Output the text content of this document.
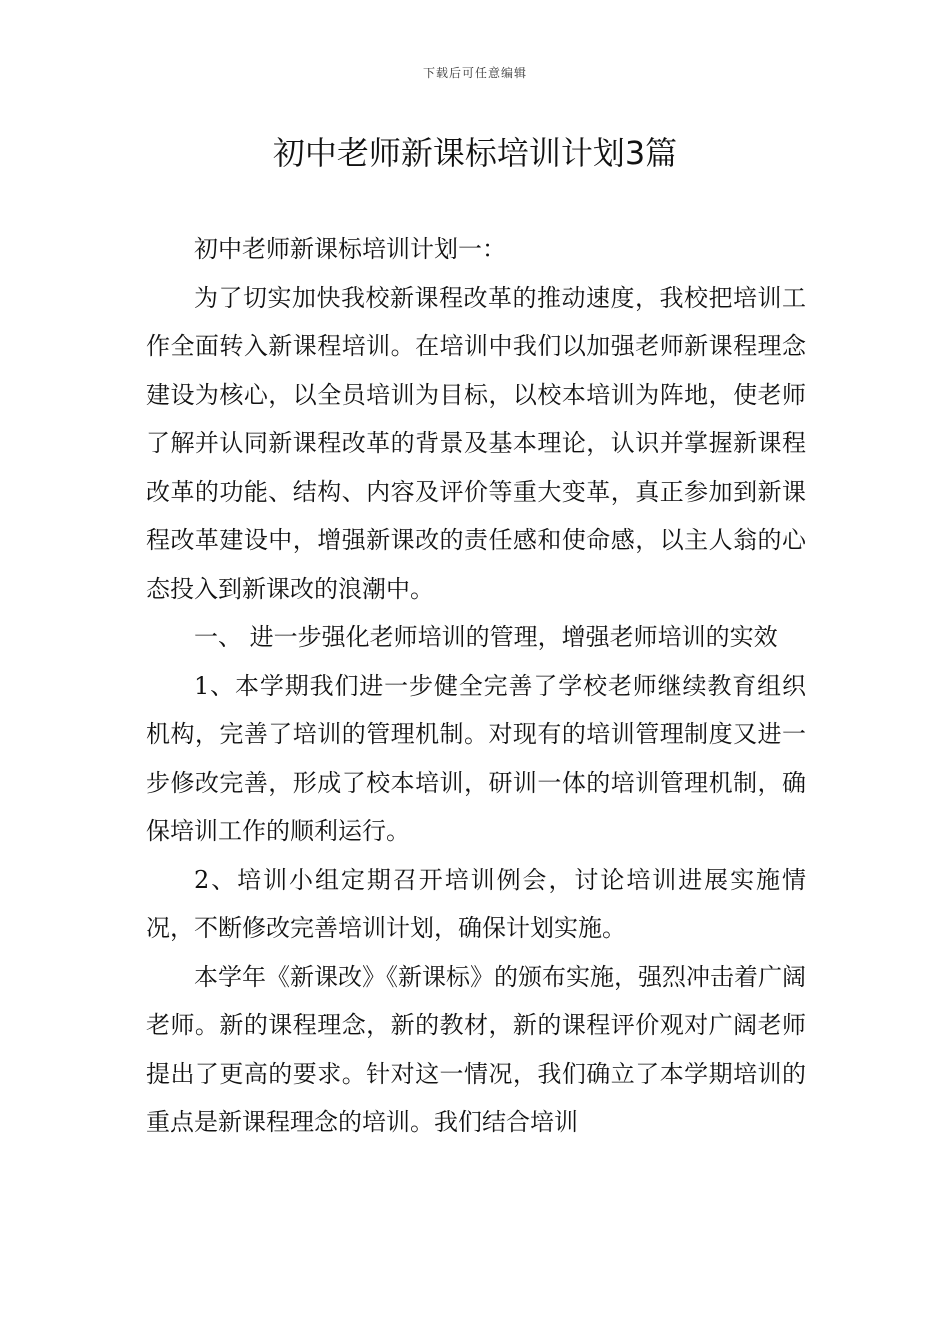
下载后可任意编辑
初中老师新课标培训计划3篇

初中老师新课标培训计划一：

为了切实加快我校新课程改革的推动速度，我校把培训工作全面转入新课程培训。在培训中我们以加强老师新课程理念建设为核心，以全员培训为目标，以校本培训为阵地，使老师了解并认同新课程改革的背景及基本理论，认识并掌握新课程改革的功能、结构、内容及评价等重大变革，真正参加到新课程改革建设中，增强新课改的责任感和使命感，以主人翁的心态投入到新课改的浪潮中。

一、 进一步强化老师培训的管理，增强老师培训的实效

1、本学期我们进一步健全完善了学校老师继续教育组织机构，完善了培训的管理机制。对现有的培训管理制度又进一步修改完善，形成了校本培训，研训一体的培训管理机制，确保培训工作的顺利运行。

2、培训小组定期召开培训例会，讨论培训进展实施情况，不断修改完善培训计划，确保计划实施。

本学年《新课改》《新课标》的颁布实施，强烈冲击着广阔老师。新的课程理念，新的教材，新的课程评价观对广阔老师提出了更高的要求。针对这一情况，我们确立了本学期培训的重点是新课程理念的培训。我们结合培训
